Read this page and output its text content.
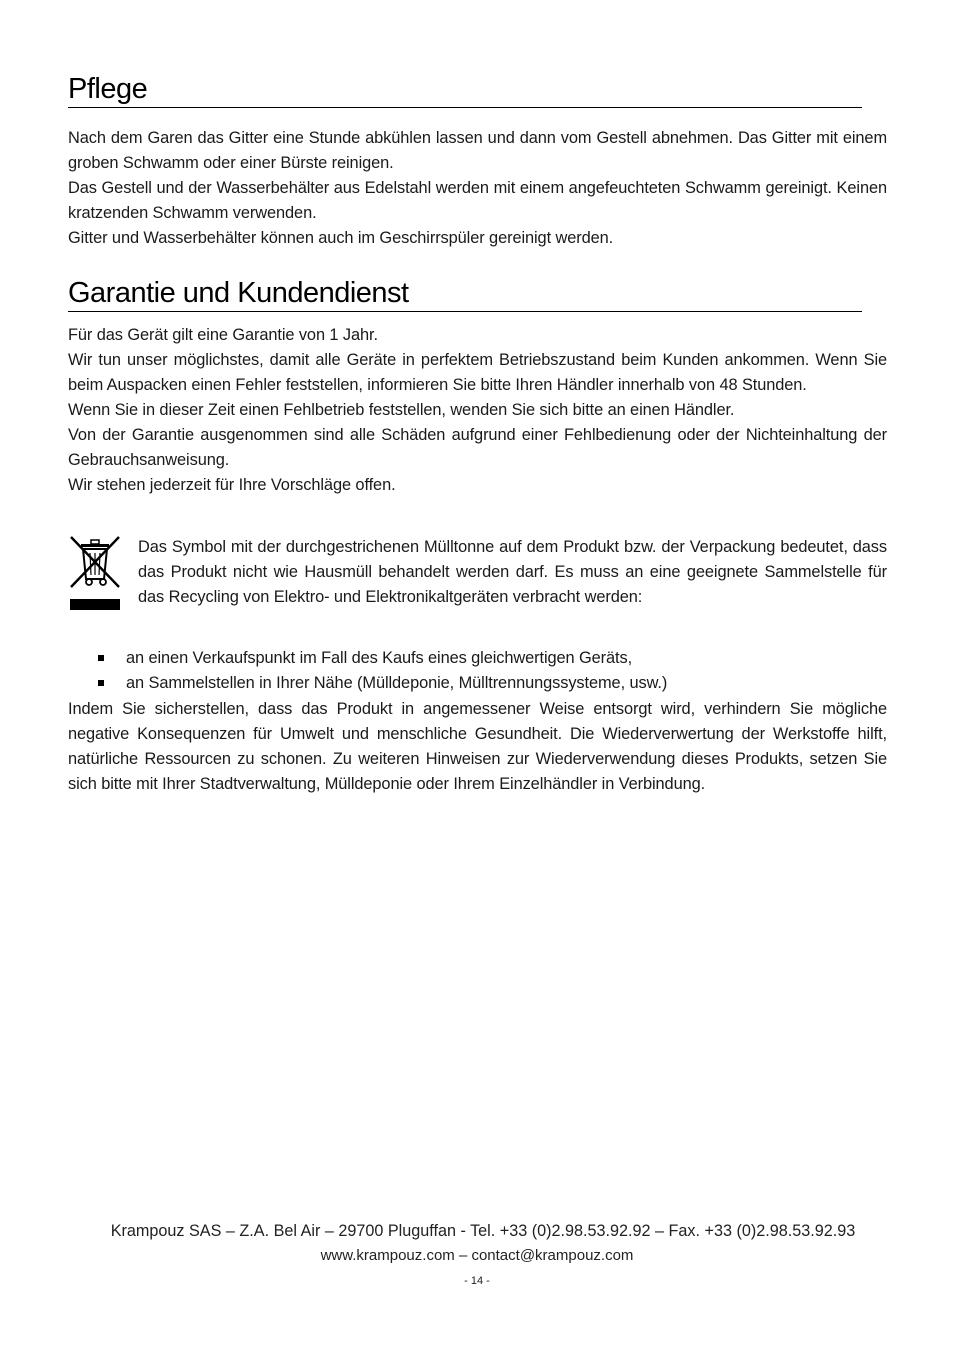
Pflege

Nach dem Garen das Gitter eine Stunde abkühlen lassen und dann vom Gestell abnehmen. Das Gitter mit einem groben Schwamm oder einer Bürste reinigen.

Das Gestell und der Wasserbehälter aus Edelstahl werden mit einem angefeuchteten Schwamm gereinigt. Keinen kratzenden Schwamm verwenden.

Gitter und Wasserbehälter können auch im Geschirrspüler gereinigt werden.

Garantie und Kundendienst

Für das Gerät gilt eine Garantie von 1 Jahr.

Wir tun unser möglichstes, damit alle Geräte in perfektem Betriebszustand beim Kunden ankommen. Wenn Sie beim Auspacken einen Fehler feststellen, informieren Sie bitte Ihren Händler innerhalb von 48 Stunden.

Wenn Sie in dieser Zeit einen Fehlbetrieb feststellen, wenden Sie sich bitte an einen Händler.

Von der Garantie ausgenommen sind alle Schäden aufgrund einer Fehlbedienung oder der Nichteinhaltung der Gebrauchsanweisung.

Wir stehen jederzeit für Ihre Vorschläge offen.

Das Symbol mit der durchgestrichenen Mülltonne auf dem Produkt bzw. der Verpackung bedeutet, dass das Produkt nicht wie Hausmüll behandelt werden darf. Es muss an eine geeignete Sammelstelle für das Recycling von Elektro- und Elektronikaltgeräten verbracht werden:

an einen Verkaufspunkt im Fall des Kaufs eines gleichwertigen Geräts,
an Sammelstellen in Ihrer Nähe (Mülldeponie, Mülltrennungssysteme, usw.)

Indem Sie sicherstellen, dass das Produkt in angemessener Weise entsorgt wird, verhindern Sie mögliche negative Konsequenzen für Umwelt und menschliche Gesundheit. Die Wiederverwertung der Werkstoffe hilft, natürliche Ressourcen zu schonen. Zu weiteren Hinweisen zur Wiederverwendung dieses Produkts, setzen Sie sich bitte mit Ihrer Stadtverwaltung, Mülldeponie oder Ihrem Einzelhändler in Verbindung.

Krampouz SAS – Z.A. Bel Air – 29700 Pluguffan - Tel. +33 (0)2.98.53.92.92 – Fax. +33 (0)2.98.53.92.93
www.krampouz.com – contact@krampouz.com
- 14 -
